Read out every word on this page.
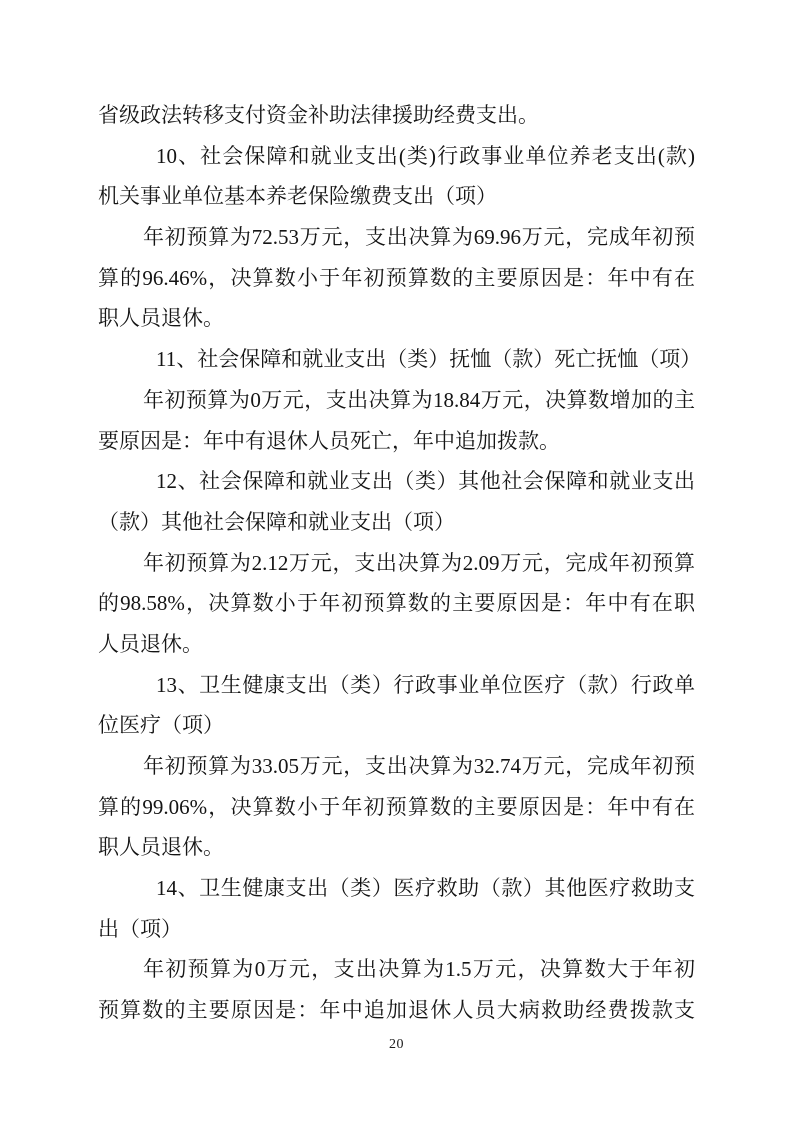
省级政法转移支付资金补助法律援助经费支出。
10、社会保障和就业支出(类)行政事业单位养老支出(款)
机关事业单位基本养老保险缴费支出（项）
年初预算为72.53万元，支出决算为69.96万元，完成年初预
算的96.46%，决算数小于年初预算数的主要原因是：年中有在
职人员退休。
11、社会保障和就业支出（类）抚恤（款）死亡抚恤（项）
年初预算为0万元，支出决算为18.84万元，决算数增加的主
要原因是：年中有退休人员死亡，年中追加拨款。
12、社会保障和就业支出（类）其他社会保障和就业支出
（款）其他社会保障和就业支出（项）
年初预算为2.12万元，支出决算为2.09万元，完成年初预算
的98.58%，决算数小于年初预算数的主要原因是：年中有在职
人员退休。
13、卫生健康支出（类）行政事业单位医疗（款）行政单
位医疗（项）
年初预算为33.05万元，支出决算为32.74万元，完成年初预
算的99.06%，决算数小于年初预算数的主要原因是：年中有在
职人员退休。
14、卫生健康支出（类）医疗救助（款）其他医疗救助支
出（项）
年初预算为0万元，支出决算为1.5万元，决算数大于年初
预算数的主要原因是：年中追加退休人员大病救助经费拨款支
20
